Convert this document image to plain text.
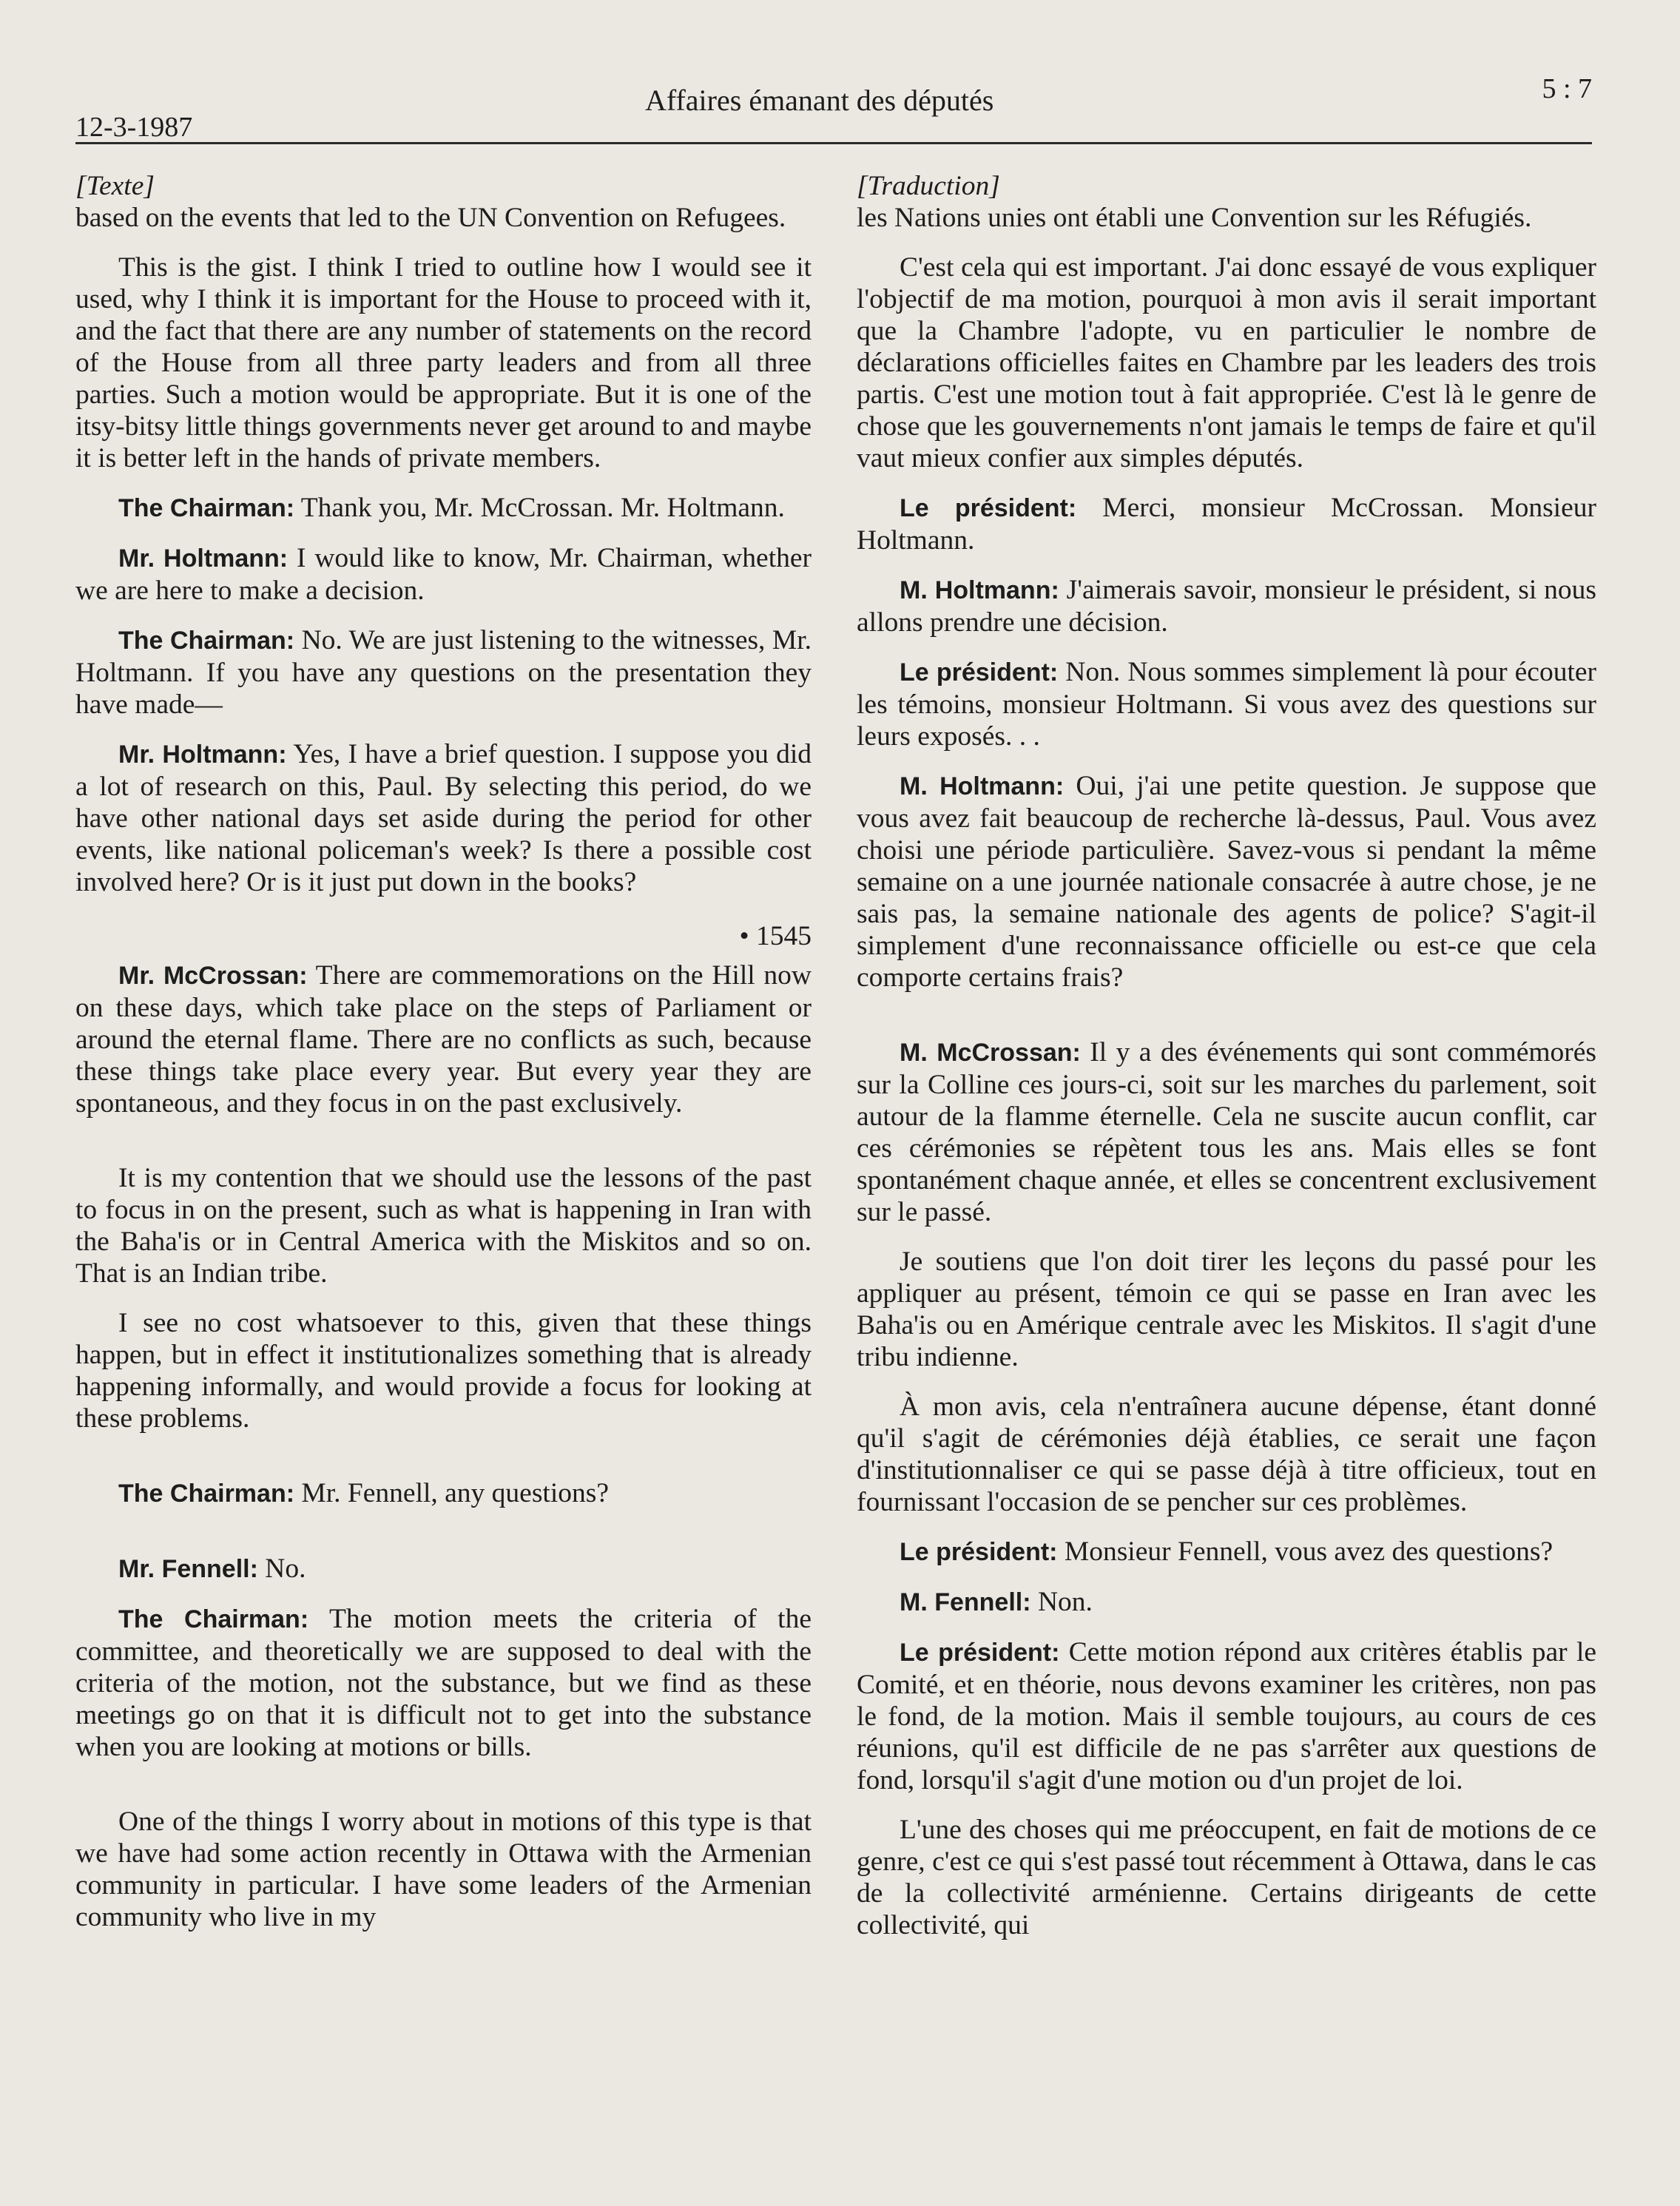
12-3-1987
Affaires émanant des députés	5 : 7
[Texte]

based on the events that led to the UN Convention on Refugees.

This is the gist. I think I tried to outline how I would see it used, why I think it is important for the House to proceed with it, and the fact that there are any number of statements on the record of the House from all three party leaders and from all three parties. Such a motion would be appropriate. But it is one of the itsy-bitsy little things governments never get around to and maybe it is better left in the hands of private members.

The Chairman: Thank you, Mr. McCrossan. Mr. Holtmann.

Mr. Holtmann: I would like to know, Mr. Chairman, whether we are here to make a decision.

The Chairman: No. We are just listening to the witnesses, Mr. Holtmann. If you have any questions on the presentation they have made—

Mr. Holtmann: Yes, I have a brief question. I suppose you did a lot of research on this, Paul. By selecting this period, do we have other national days set aside during the period for other events, like national policeman's week? Is there a possible cost involved here? Or is it just put down in the books?

• 1545

Mr. McCrossan: There are commemorations on the Hill now on these days, which take place on the steps of Parliament or around the eternal flame. There are no conflicts as such, because these things take place every year. But every year they are spontaneous, and they focus in on the past exclusively.

It is my contention that we should use the lessons of the past to focus in on the present, such as what is happening in Iran with the Baha'is or in Central America with the Miskitos and so on. That is an Indian tribe.

I see no cost whatsoever to this, given that these things happen, but in effect it institutionalizes something that is already happening informally, and would provide a focus for looking at these problems.

The Chairman: Mr. Fennell, any questions?

Mr. Fennell: No.

The Chairman: The motion meets the criteria of the committee, and theoretically we are supposed to deal with the criteria of the motion, not the substance, but we find as these meetings go on that it is difficult not to get into the substance when you are looking at motions or bills.

One of the things I worry about in motions of this type is that we have had some action recently in Ottawa with the Armenian community in particular. I have some leaders of the Armenian community who live in my

[Traduction]

les Nations unies ont établi une Convention sur les Réfugiés.

C'est cela qui est important. J'ai donc essayé de vous expliquer l'objectif de ma motion, pourquoi à mon avis il serait important que la Chambre l'adopte, vu en particulier le nombre de déclarations officielles faites en Chambre par les leaders des trois partis. C'est une motion tout à fait appropriée. C'est là le genre de chose que les gouvernements n'ont jamais le temps de faire et qu'il vaut mieux confier aux simples députés.

Le président: Merci, monsieur McCrossan. Monsieur Holtmann.

M. Holtmann: J'aimerais savoir, monsieur le président, si nous allons prendre une décision.

Le président: Non. Nous sommes simplement là pour écouter les témoins, monsieur Holtmann. Si vous avez des questions sur leurs exposés. . .

M. Holtmann: Oui, j'ai une petite question. Je suppose que vous avez fait beaucoup de recherche là-dessus, Paul. Vous avez choisi une période particulière. Savez-vous si pendant la même semaine on a une journée nationale consacrée à autre chose, je ne sais pas, la semaine nationale des agents de police? S'agit-il simplement d'une reconnaissance officielle ou est-ce que cela comporte certains frais?

M. McCrossan: Il y a des événements qui sont commémorés sur la Colline ces jours-ci, soit sur les marches du parlement, soit autour de la flamme éternelle. Cela ne suscite aucun conflit, car ces cérémonies se répètent tous les ans. Mais elles se font spontanément chaque année, et elles se concentrent exclusivement sur le passé.

Je soutiens que l'on doit tirer les leçons du passé pour les appliquer au présent, témoin ce qui se passe en Iran avec les Baha'is ou en Amérique centrale avec les Miskitos. Il s'agit d'une tribu indienne.

À mon avis, cela n'entraînera aucune dépense, étant donné qu'il s'agit de cérémonies déjà établies, ce serait une façon d'institutionnaliser ce qui se passe déjà à titre officieux, tout en fournissant l'occasion de se pencher sur ces problèmes.

Le président: Monsieur Fennell, vous avez des questions?

M. Fennell: Non.

Le président: Cette motion répond aux critères établis par le Comité, et en théorie, nous devons examiner les critères, non pas le fond, de la motion. Mais il semble toujours, au cours de ces réunions, qu'il est difficile de ne pas s'arrêter aux questions de fond, lorsqu'il s'agit d'une motion ou d'un projet de loi.

L'une des choses qui me préoccupent, en fait de motions de ce genre, c'est ce qui s'est passé tout récemment à Ottawa, dans le cas de la collectivité arménienne. Certains dirigeants de cette collectivité, qui
